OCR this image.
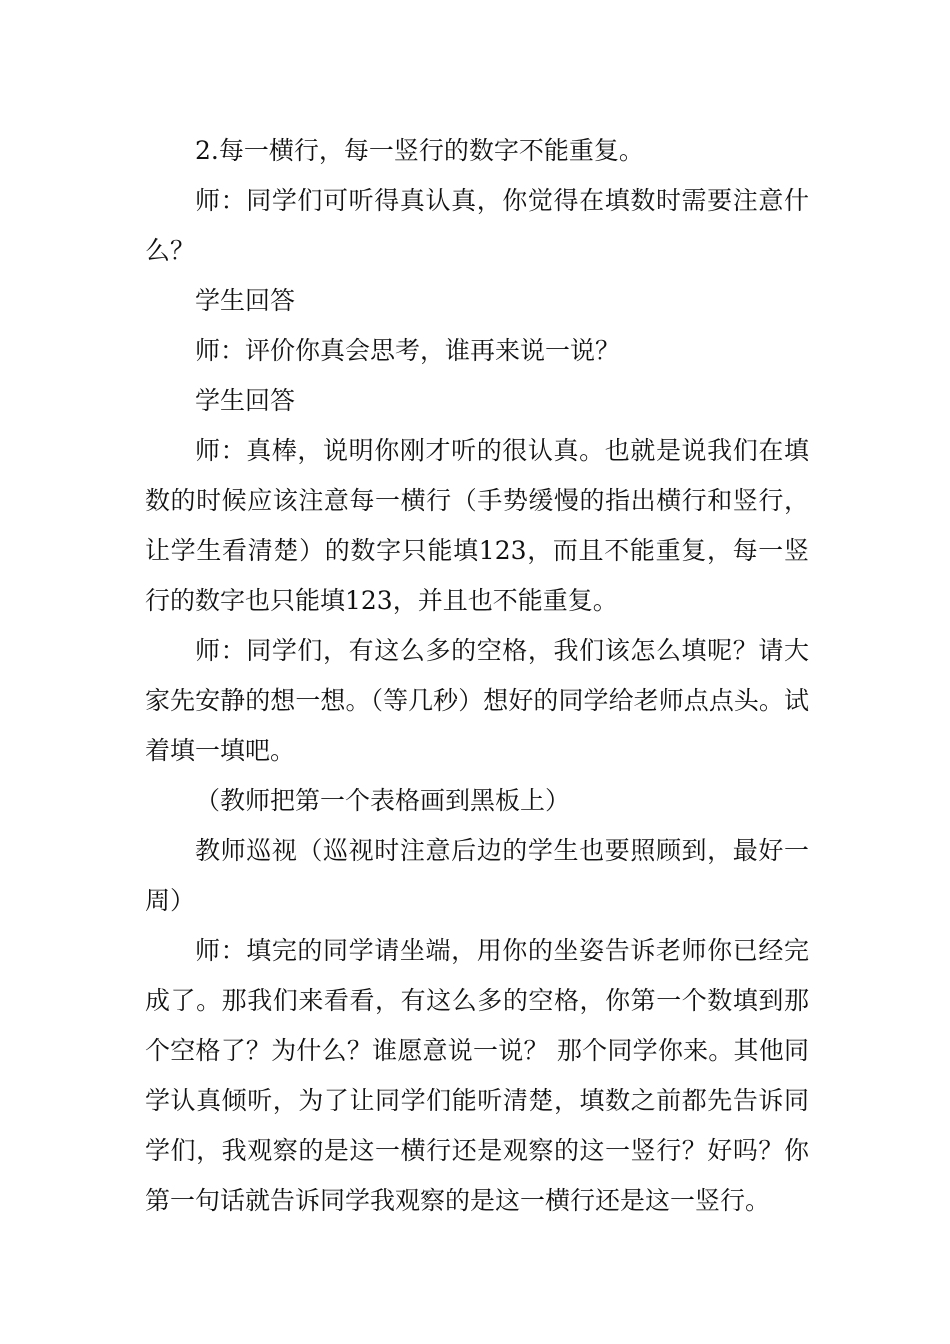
2.每一横行，每一竖行的数字不能重复。

师：同学们可听得真认真，你觉得在填数时需要注意什么？

学生回答

师：评价你真会思考，谁再来说一说？

学生回答

师：真棒，说明你刚才听的很认真。也就是说我们在填数的时候应该注意每一横行（手势缓慢的指出横行和竖行，让学生看清楚）的数字只能填123，而且不能重复，每一竖行的数字也只能填123，并且也不能重复。

师：同学们，有这么多的空格，我们该怎么填呢？请大家先安静的想一想。（等几秒）想好的同学给老师点点头。试着填一填吧。

（教师把第一个表格画到黑板上）

教师巡视（巡视时注意后边的学生也要照顾到，最好一周）

师：填完的同学请坐端，用你的坐姿告诉老师你已经完成了。那我们来看看，有这么多的空格，你第一个数填到那个空格了？为什么？谁愿意说一说？ 那个同学你来。其他同学认真倾听，为了让同学们能听清楚，填数之前都先告诉同学们，我观察的是这一横行还是观察的这一竖行？好吗？你第一句话就告诉同学我观察的是这一横行还是这一竖行。
